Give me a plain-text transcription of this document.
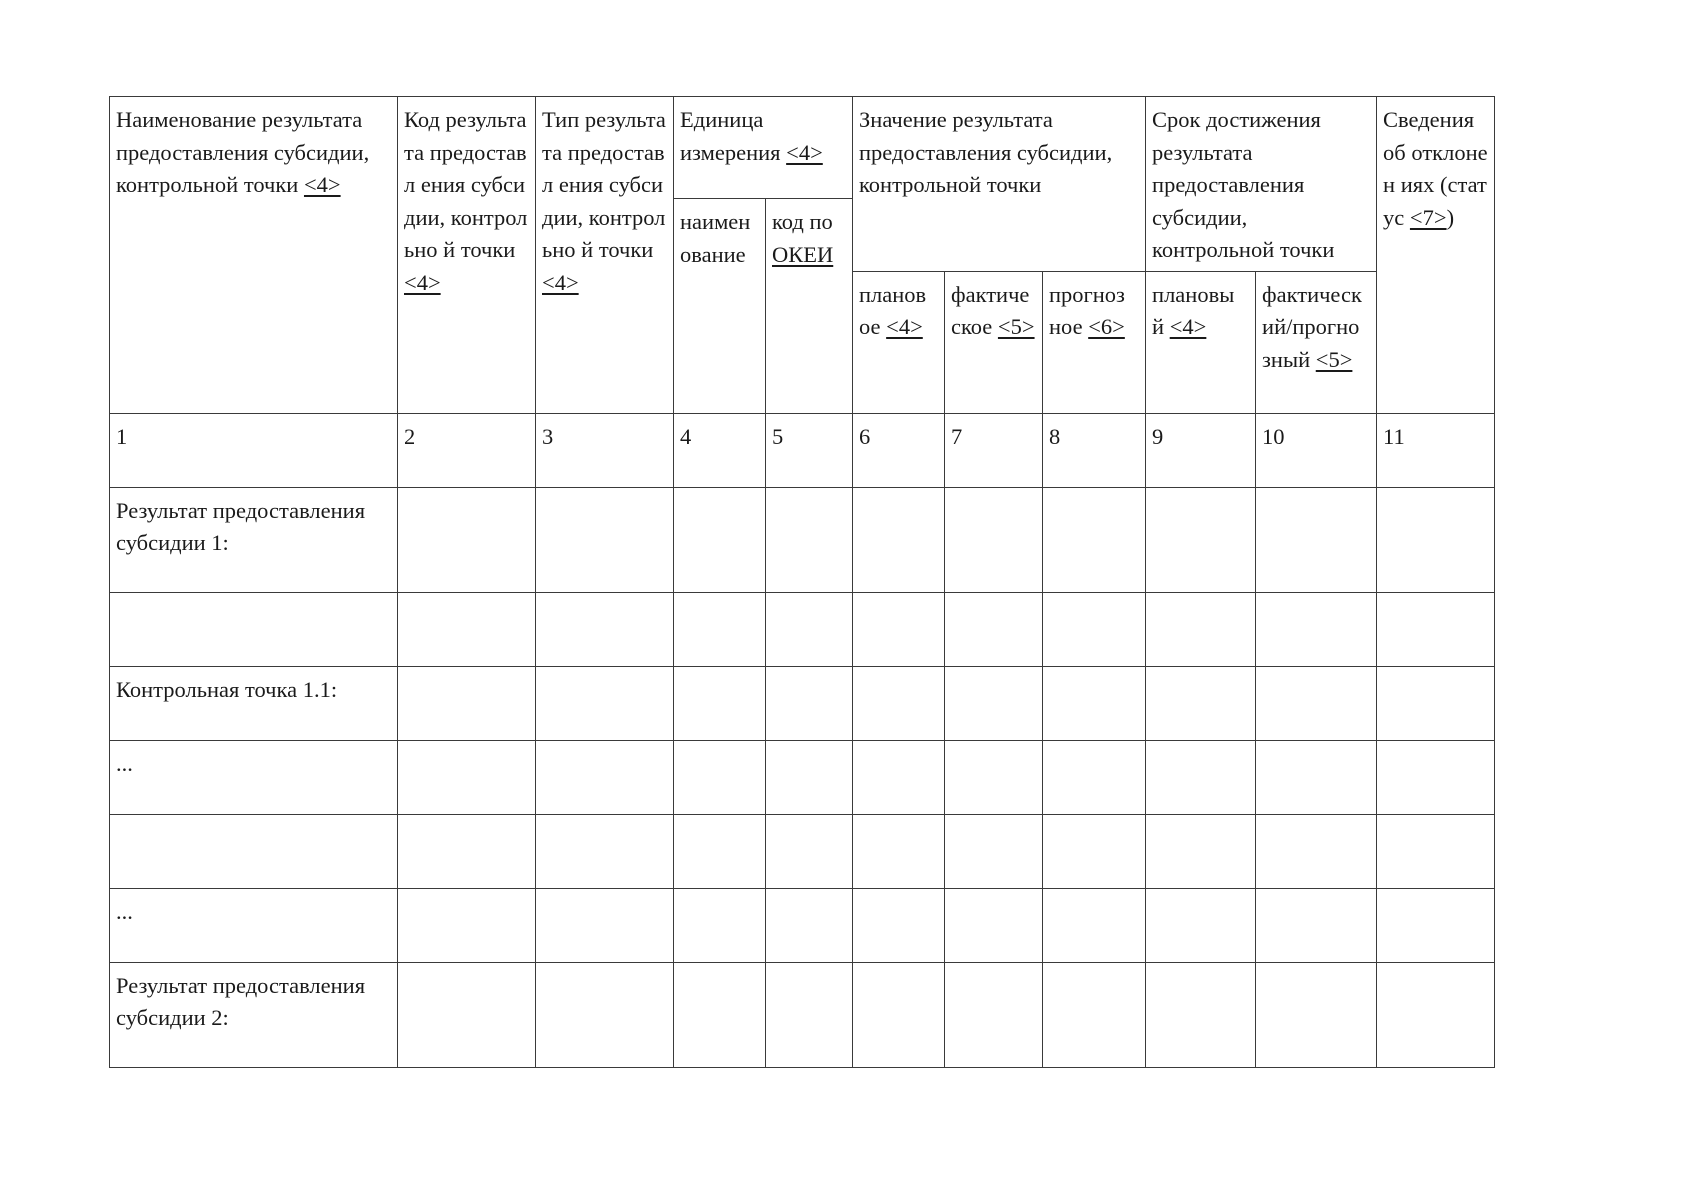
Наименование результата предоставления субсидии, контрольной точки <4>	Код результата предоставл ения субсидии, контрольно й точки <4>	Тип результата предоставл ения субсидии, контрольно й точки <4>	Единица измерения <4>		Значение результата предоставления субсидии, контрольной точки			Срок достижения результата предоставления субсидии, контрольной точки		Сведения об отклонен иях (статус <7>)
			наимен ование	код по ОКЕИ						
					планов ое <4>	фактиче ское <5>	прогноз ное <6>	плановы й <4>	фактическ ий/прогно зный <5>	
1	2	3	4	5	6	7	8	9	10	11
Результат предоставления субсидии 1:										

Контрольная точка 1.1:										
...										

...										
Результат предоставления субсидии 2:										
